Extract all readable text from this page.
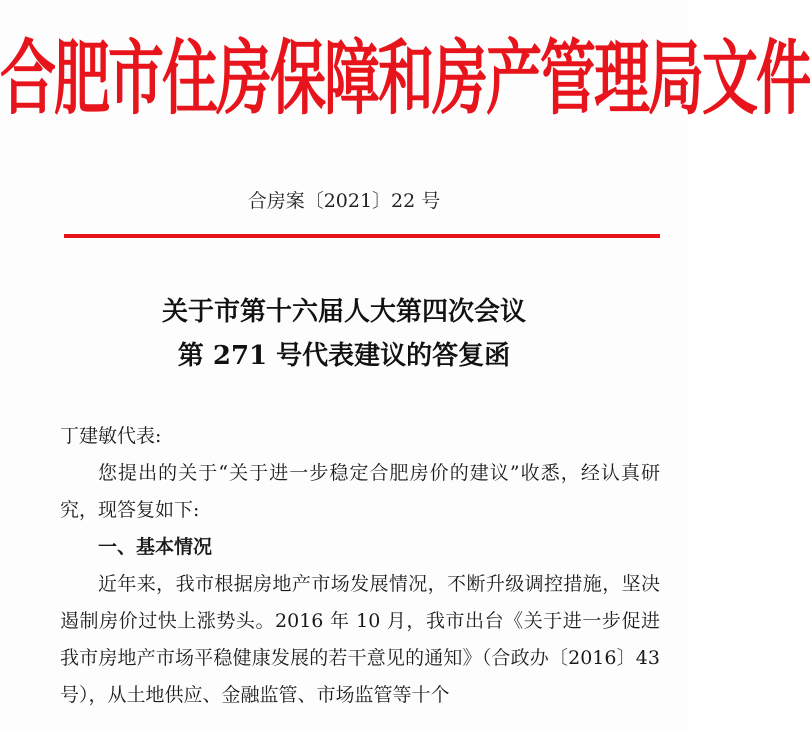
合肥市住房保障和房产管理局文件
合房案〔2021〕22 号
关于市第十六届人大第四次会议
第 271 号代表建议的答复函
丁建敏代表:
您提出的关于“关于进一步稳定合肥房价的建议”收悉，经认真研究，现答复如下:
一、基本情况
近年来，我市根据房地产市场发展情况，不断升级调控措施，坚决遏制房价过快上涨势头。2016 年 10 月，我市出台《关于进一步促进我市房地产市场平稳健康发展的若干意见的通知》（合政办〔2016〕43 号），从土地供应、金融监管、市场监管等十个
